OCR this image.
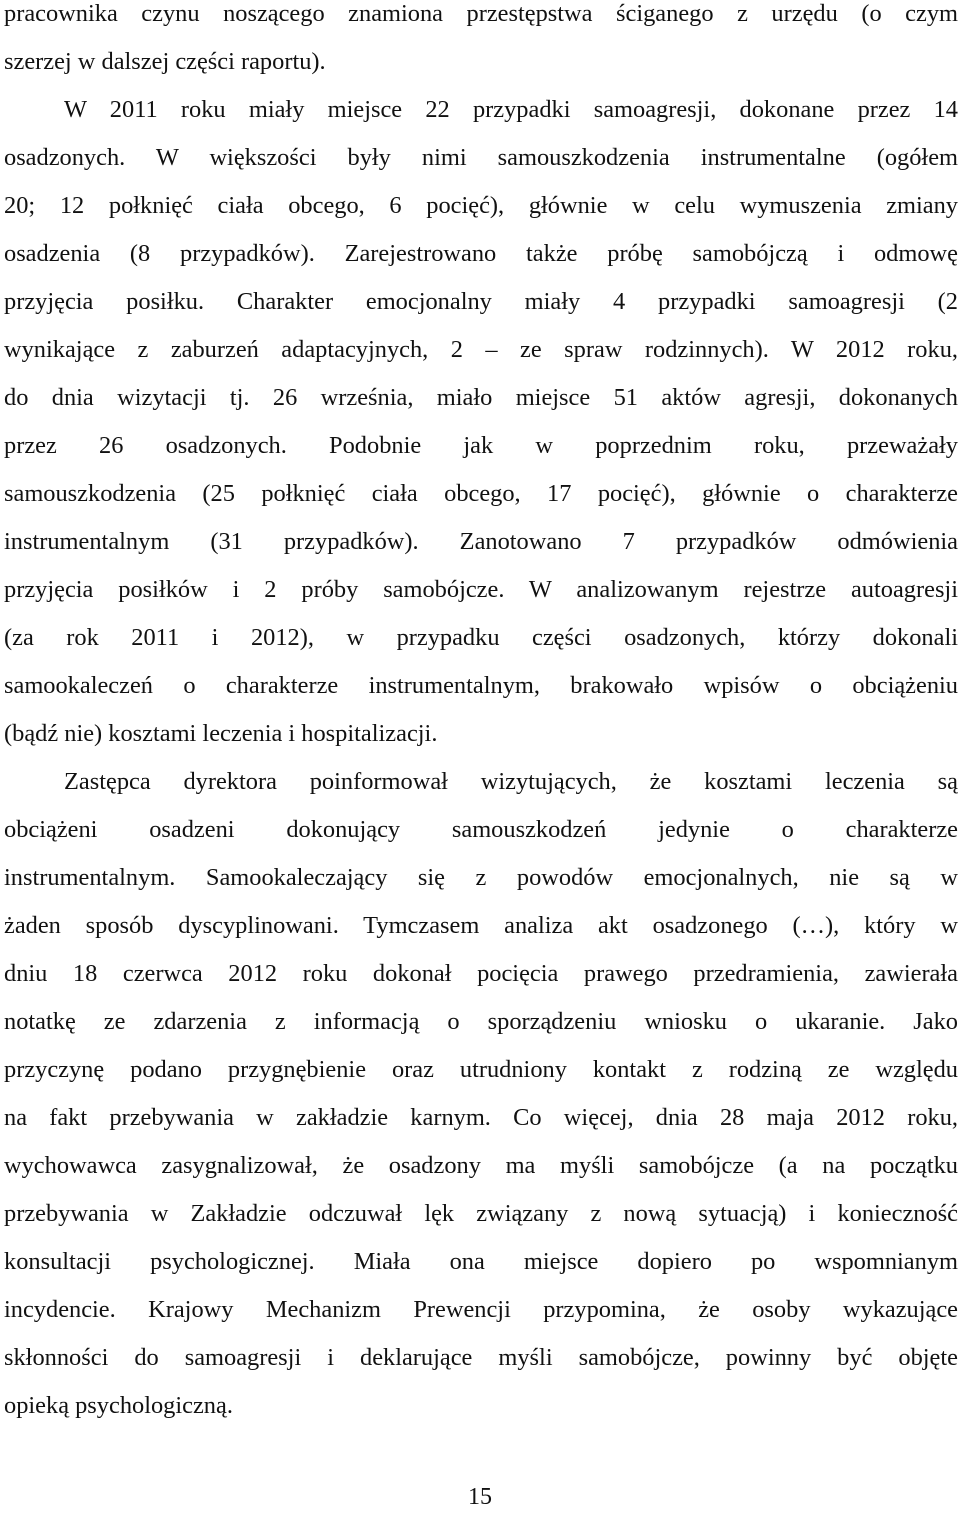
pracownika czynu noszącego znamiona przestępstwa ściganego z urzędu (o czym
szerzej w dalszej części raportu).
W 2011 roku miały miejsce 22 przypadki samoagresji, dokonane przez 14
osadzonych. W większości były nimi samouszkodzenia instrumentalne (ogółem
20; 12 połknięć ciała obcego, 6 pocięć), głównie w celu wymuszenia zmiany
osadzenia (8 przypadków). Zarejestrowano także próbę samobójczą i odmowę
przyjęcia posiłku. Charakter emocjonalny miały 4 przypadki samoagresji (2
wynikające z zaburzeń adaptacyjnych, 2 – ze spraw rodzinnych). W 2012 roku,
do dnia wizytacji tj. 26 września, miało miejsce 51 aktów agresji, dokonanych
przez 26 osadzonych. Podobnie jak w poprzednim roku, przeważały
samouszkodzenia (25 połknięć ciała obcego, 17 pocięć), głównie o charakterze
instrumentalnym (31 przypadków). Zanotowano 7 przypadków odmówienia
przyjęcia posiłków i 2 próby samobójcze. W analizowanym rejestrze autoagresji
(za rok 2011 i 2012), w przypadku części osadzonych, którzy dokonali
samookaleczeń o charakterze instrumentalnym, brakowało wpisów o obciążeniu
(bądź nie) kosztami leczenia i hospitalizacji.
Zastępca dyrektora poinformował wizytujących, że kosztami leczenia są
obciążeni osadzeni dokonujący samouszkodzeń jedynie o charakterze
instrumentalnym. Samookaleczający się z powodów emocjonalnych, nie są w
żaden sposób dyscyplinowani. Tymczasem analiza akt osadzonego (…), który w
dniu 18 czerwca 2012 roku dokonał pocięcia prawego przedramienia, zawierała
notatkę ze zdarzenia z informacją o sporządzeniu wniosku o ukaranie. Jako
przyczynę podano przygnębienie oraz utrudniony kontakt z rodziną ze względu
na fakt przebywania w zakładzie karnym. Co więcej, dnia 28 maja 2012 roku,
wychowawca zasygnalizował, że osadzony ma myśli samobójcze (a na początku
przebywania w Zakładzie odczuwał lęk związany z nową sytuacją) i konieczność
konsultacji psychologicznej. Miała ona miejsce dopiero po wspomnianym
incydencie. Krajowy Mechanizm Prewencji przypomina, że osoby wykazujące
skłonności do samoagresji i deklarujące myśli samobójcze, powinny być objęte
opieką psychologiczną.
15
